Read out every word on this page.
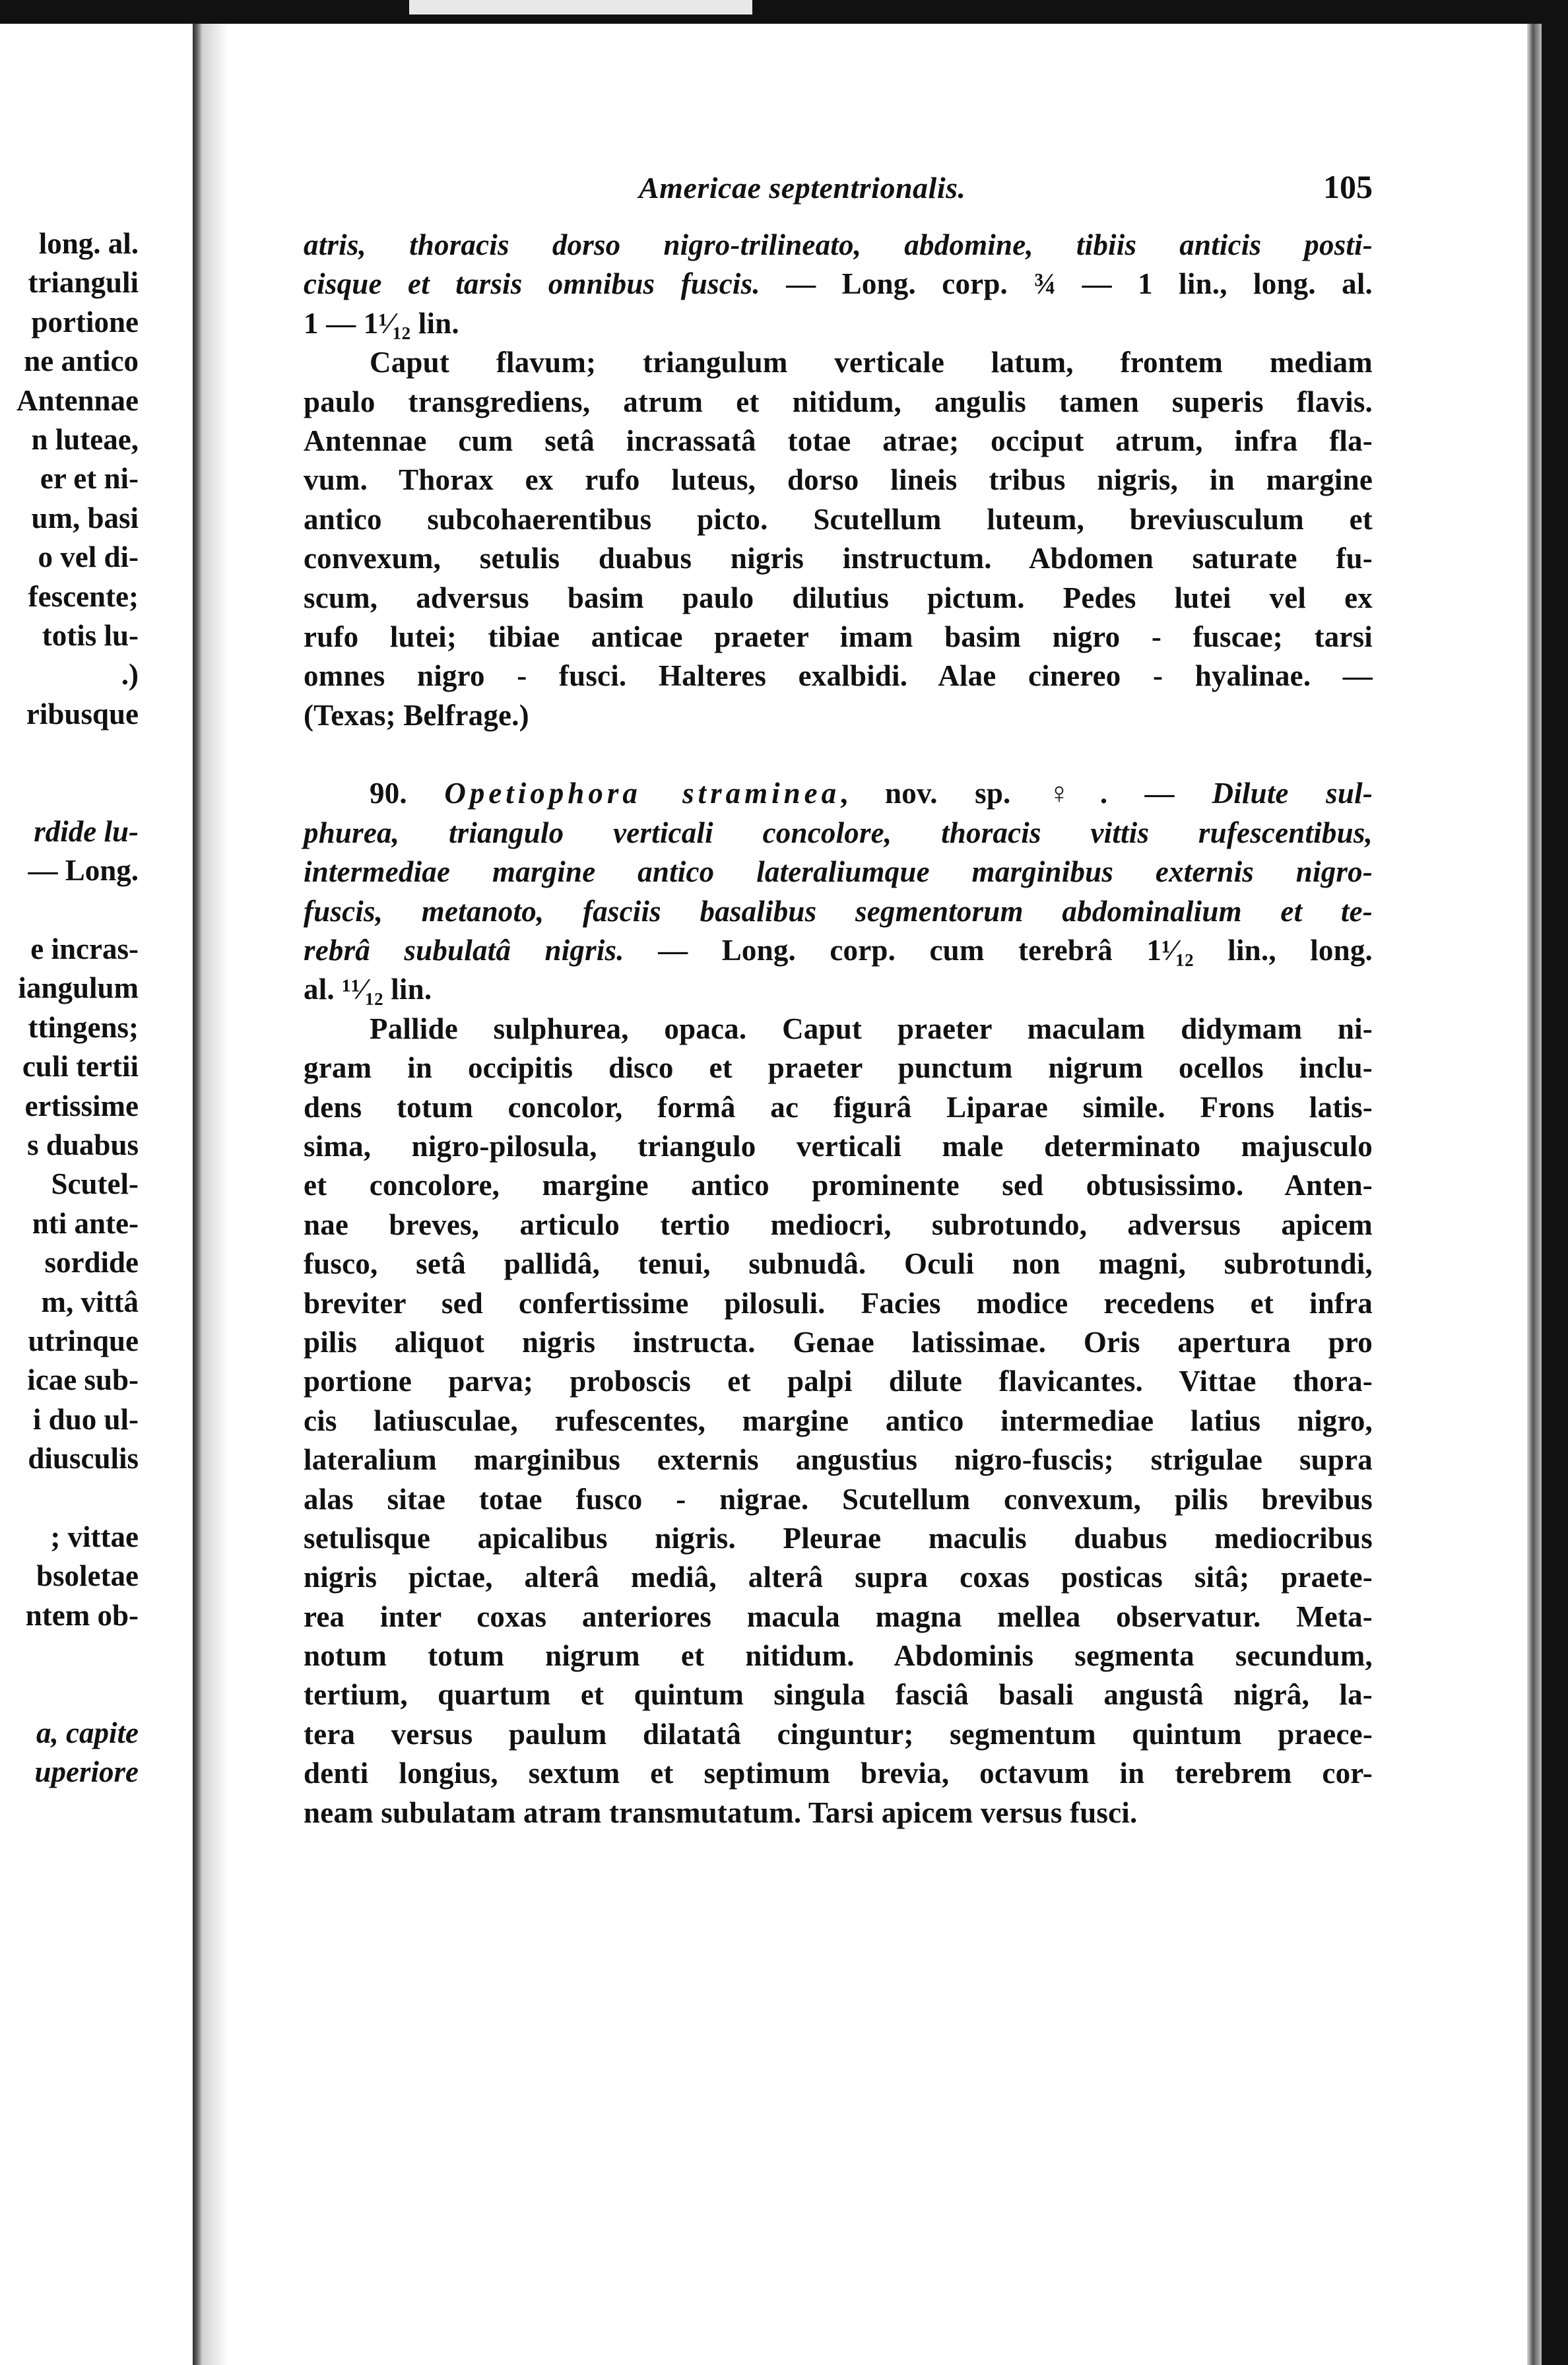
long. al.
trianguli
portione
ne antico
Antennae
n luteae,
er et ni-
um, basi
o vel di-
fescente;
totis lu-
.)
ribusque
rdide lu-
— Long.
e incras-
iangulum
ttingens;
culi tertii
ertissime
s duabus
Scutel-
nti ante-
sordide
m, vittâ
utrinque
icae sub-
i duo ul-
diusculis
; vittae
bsoletae
ntem ob-
a, capite
uperiore
Americae septentrionalis.	105
atris, thoracis dorso nigro-trilineato, abdomine, tibiis anticis posti-
cisque et tarsis omnibus fuscis. — Long. corp. ¾ — 1 lin., long. al.
1 — 1¹⁄₁₂ lin.
Caput flavum; triangulum verticale latum, frontem mediam
paulo transgrediens, atrum et nitidum, angulis tamen superis flavis.
Antennae cum setâ incrassatâ totae atrae; occiput atrum, infra fla-
vum. Thorax ex rufo luteus, dorso lineis tribus nigris, in margine
antico subcohaerentibus picto. Scutellum luteum, breviusculum et
convexum, setulis duabus nigris instructum. Abdomen saturate fu-
scum, adversus basim paulo dilutius pictum. Pedes lutei vel ex
rufo lutei; tibiae anticae praeter imam basim nigro - fuscae; tarsi
omnes nigro - fusci. Halteres exalbidi. Alae cinereo - hyalinae. —
(Texas; Belfrage.)
90. Opetiophora straminea, nov. sp. ♀. — Dilute sul-
phurea, triangulo verticali concolore, thoracis vittis rufescentibus,
intermediae margine antico lateraliumque marginibus externis nigro-
fuscis, metanoto, fasciis basalibus segmentorum abdominalium et te-
rebrâ subulatâ nigris. — Long. corp. cum terebrâ 1¹⁄₁₂ lin., long.
al. ¹¹⁄₁₂ lin.
Pallide sulphurea, opaca. Caput praeter maculam didymam ni-
gram in occipitis disco et praeter punctum nigrum ocellos inclu-
dens totum concolor, formâ ac figurâ Liparae simile. Frons latis-
sima, nigro-pilosula, triangulo verticali male determinato majusculo
et concolore, margine antico prominente sed obtusissimo. Anten-
nae breves, articulo tertio mediocri, subrotundo, adversus apicem
fusco, setâ pallidâ, tenui, subnudâ. Oculi non magni, subrotundi,
breviter sed confertissime pilosuli. Facies modice recedens et infra
pilis aliquot nigris instructa. Genae latissimae. Oris apertura pro
portione parva; proboscis et palpi dilute flavicantes. Vittae thora-
cis latiusculae, rufescentes, margine antico intermediae latius nigro,
lateralium marginibus externis angustius nigro-fuscis; strigulae supra
alas sitae totae fusco - nigrae. Scutellum convexum, pilis brevibus
setulisque apicalibus nigris. Pleurae maculis duabus mediocribus
nigris pictae, alterâ mediâ, alterâ supra coxas posticas sitâ; praete-
rea inter coxas anteriores macula magna mellea observatur. Meta-
notum totum nigrum et nitidum. Abdominis segmenta secundum,
tertium, quartum et quintum singula fasciâ basali angustâ nigrâ, la-
tera versus paulum dilatatâ cinguntur; segmentum quintum praece-
denti longius, sextum et septimum brevia, octavum in terebrem cor-
neam subulatam atram transmutatum. Tarsi apicem versus fusci.
